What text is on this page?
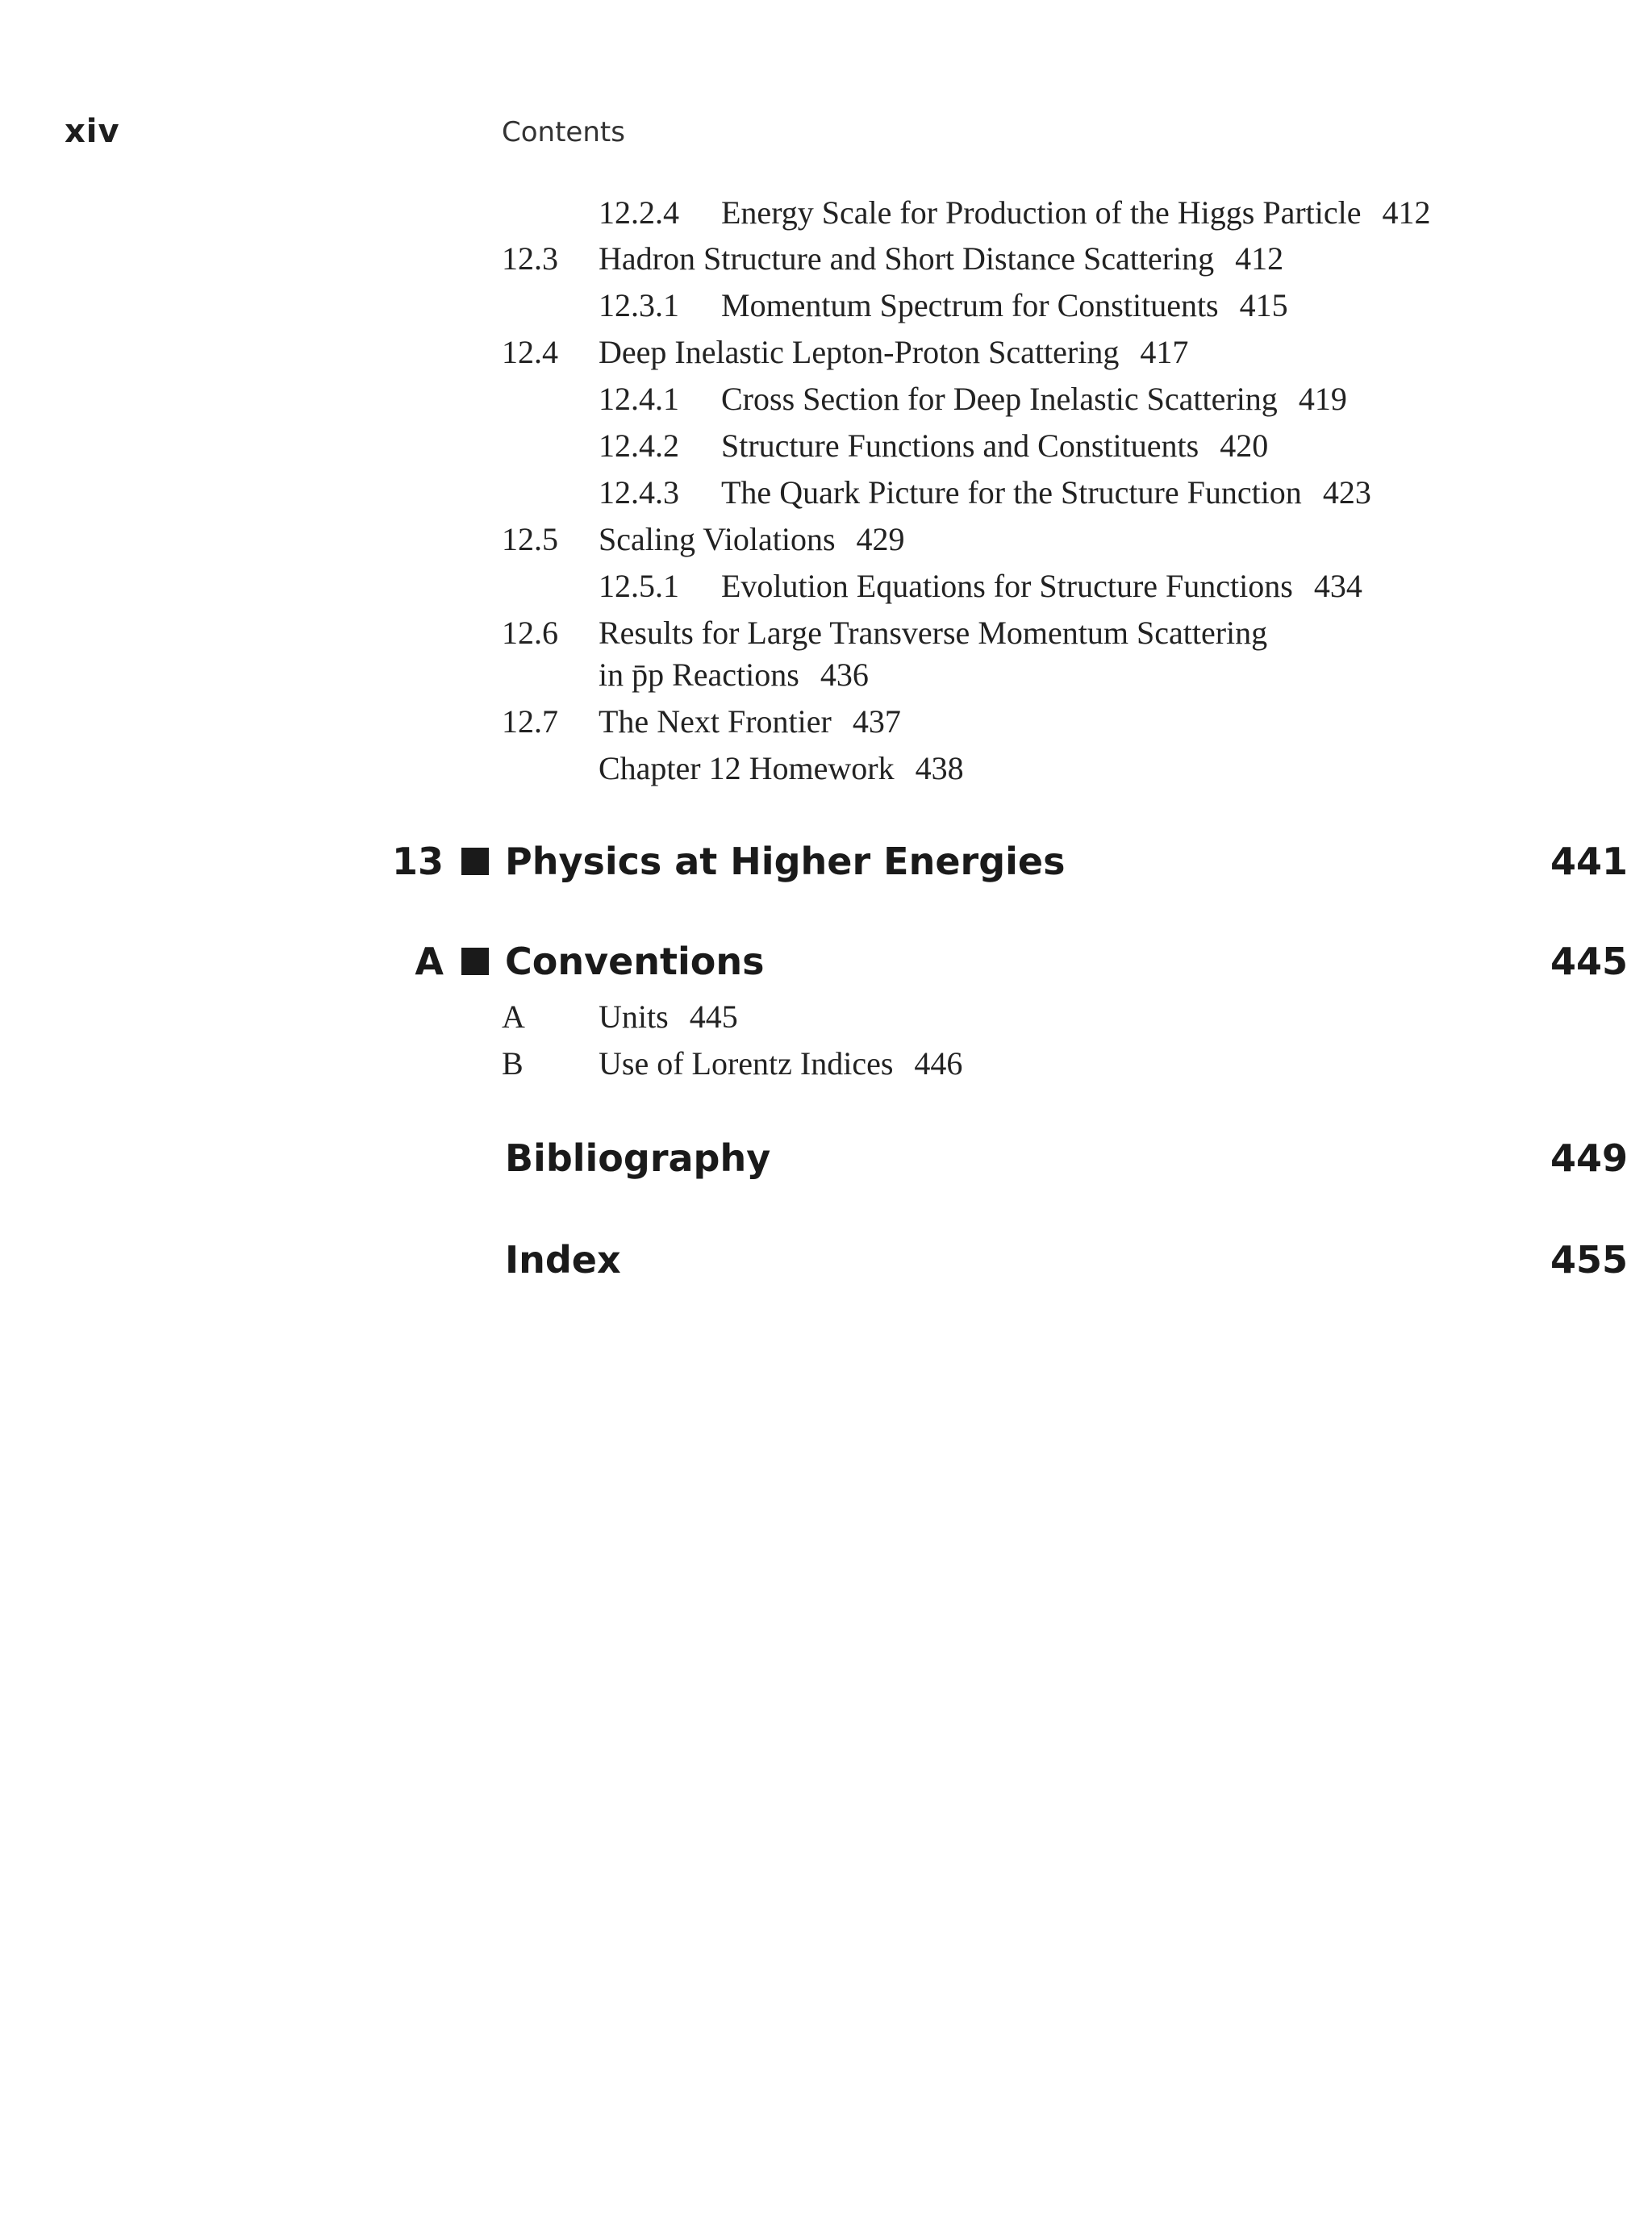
xiv	Contents
12.2.4 Energy Scale for Production of the Higgs Particle 412
12.3 Hadron Structure and Short Distance Scattering 412
12.3.1 Momentum Spectrum for Constituents 415
12.4 Deep Inelastic Lepton-Proton Scattering 417
12.4.1 Cross Section for Deep Inelastic Scattering 419
12.4.2 Structure Functions and Constituents 420
12.4.3 The Quark Picture for the Structure Function 423
12.5 Scaling Violations 429
12.5.1 Evolution Equations for Structure Functions 434
12.6 Results for Large Transverse Momentum Scattering
in p̄p Reactions 436
12.7 The Next Frontier 437
Chapter 12 Homework 438
13 Physics at Higher Energies	441
A Conventions	445
A Units 445
B Use of Lorentz Indices 446
Bibliography	449
Index	455
